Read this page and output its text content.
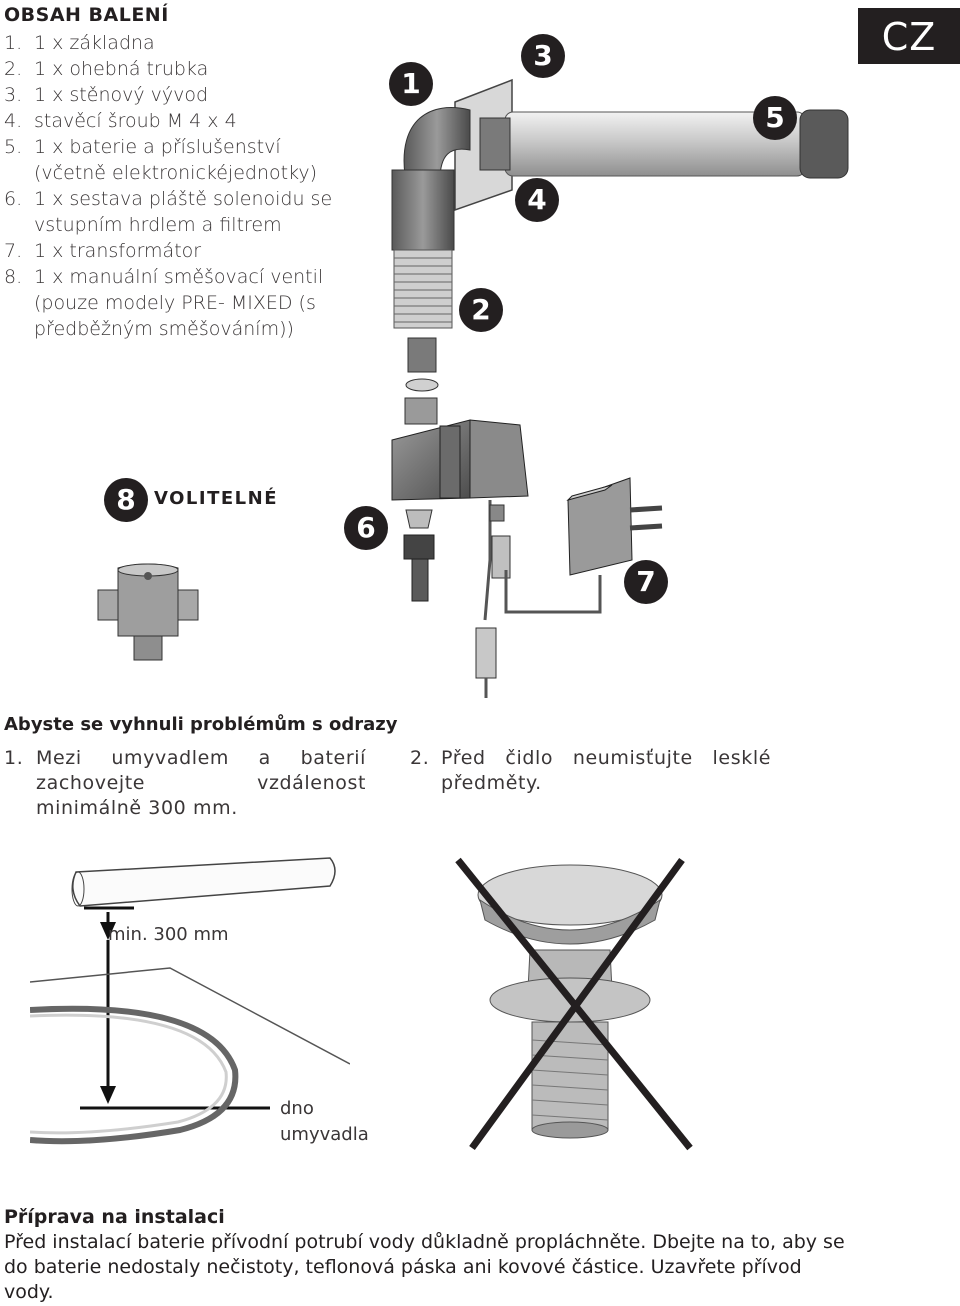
OBSAH BALENÍ
1. 1 x základna
2. 1 x ohebná trubka
3. 1 x stěnový vývod
4. stavěcí šroub M 4 x 4
5. 1 x baterie a příslušenství (včetně elektronickéjednotky)
6. 1 x sestava pláště solenoidu se vstupním hrdlem a filtrem
7. 1 x transformátor
8. 1 x manuální směšovací ventil (pouze modely PRE- MIXED (s předběžným směšováním))
CZ
1
2
3
4
5
6
7
8	VOLITELNÉ
Abyste se vyhnuli problémům s odrazy
1. Mezi umyvadlem a baterií zachovejte vzdálenost minimálně 300 mm.
2. Před čidlo neumisťujte lesklé předměty.
min. 300 mm
dno umyvadla
Příprava na instalaci
Před instalací baterie přívodní potrubí vody důkladně propláchněte. Dbejte na to, aby se do baterie nedostaly nečistoty, teflonová páska ani kovové částice. Uzavřete přívod vody.
